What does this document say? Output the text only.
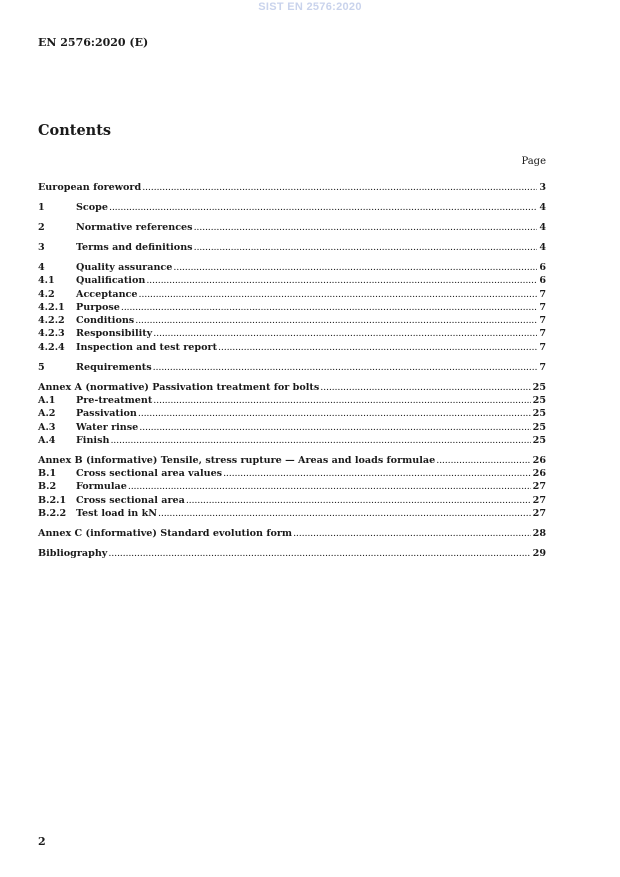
SIST EN 2576:2020
EN 2576:2020 (E)
Contents
Page
European foreword .....	3
1	Scope .....	4
2	Normative references .....	4
3	Terms and definitions .....	4
4	Quality assurance .....	6
4.1	Qualification .....	6
4.2	Acceptance .....	7
4.2.1	Purpose .....	7
4.2.2	Conditions .....	7
4.2.3	Responsibility .....	7
4.2.4	Inspection and test report .....	7
5	Requirements .....	7
Annex A (normative) Passivation treatment for bolts .....	25
A.1	Pre-treatment .....	25
A.2	Passivation .....	25
A.3	Water rinse .....	25
A.4	Finish .....	25
Annex B (informative) Tensile, stress rupture — Areas and loads formulae .....	26
B.1	Cross sectional area values .....	26
B.2	Formulae .....	27
B.2.1	Cross sectional area .....	27
B.2.2	Test load in kN .....	27
Annex C (informative) Standard evolution form .....	28
Bibliography .....	29
2
